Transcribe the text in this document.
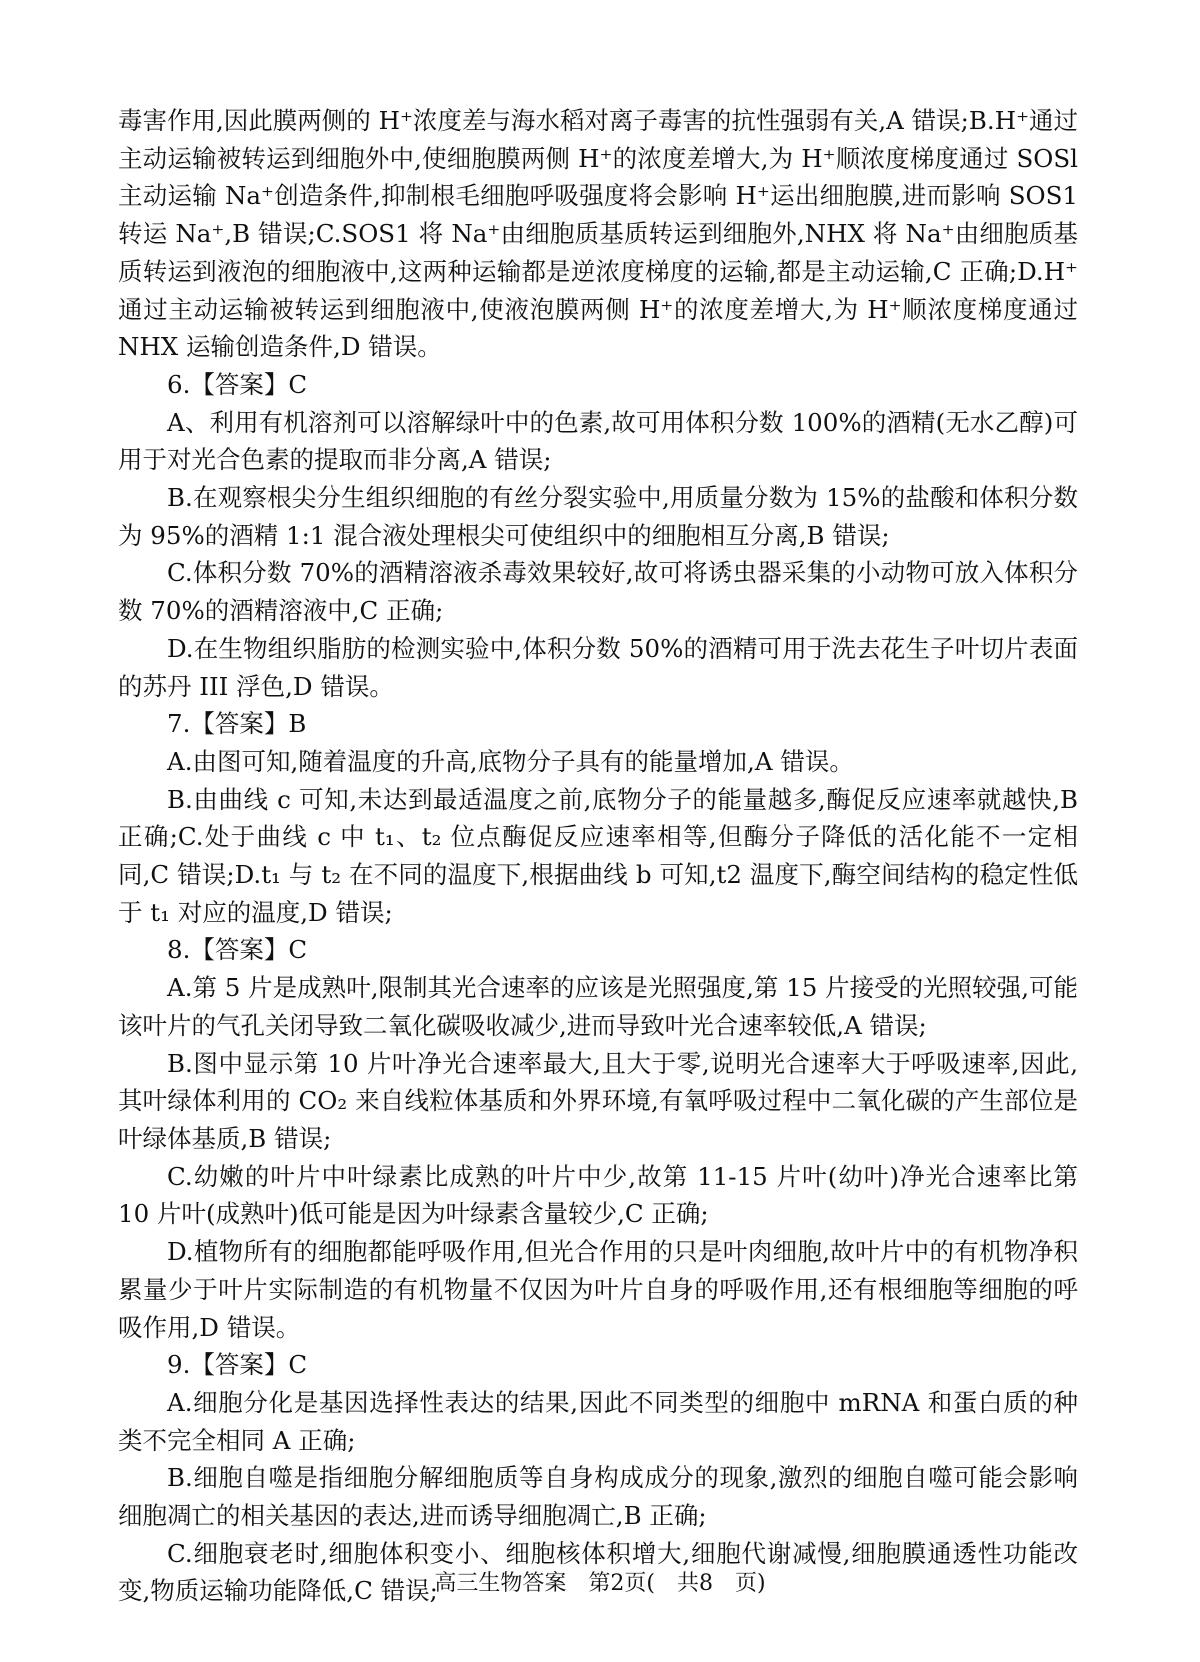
毒害作用,因此膜两侧的 H⁺浓度差与海水稻对离子毒害的抗性强弱有关,A 错误;B.H⁺通过主动运输被转运到细胞外中,使细胞膜两侧 H⁺的浓度差增大,为 H⁺顺浓度梯度通过 SOSl 主动运输 Na⁺创造条件,抑制根毛细胞呼吸强度将会影响 H⁺运出细胞膜,进而影响 SOS1 转运 Na⁺,B 错误;C.SOS1 将 Na⁺由细胞质基质转运到细胞外,NHX 将 Na⁺由细胞质基质转运到液泡的细胞液中,这两种运输都是逆浓度梯度的运输,都是主动运输,C 正确;D.H⁺通过主动运输被转运到细胞液中,使液泡膜两侧 H⁺的浓度差增大,为 H⁺顺浓度梯度通过 NHX 运输创造条件,D 错误。

6.【答案】C

A、利用有机溶剂可以溶解绿叶中的色素,故可用体积分数 100%的酒精(无水乙醇)可用于对光合色素的提取而非分离,A 错误;

B.在观察根尖分生组织细胞的有丝分裂实验中,用质量分数为 15%的盐酸和体积分数为 95%的酒精 1:1 混合液处理根尖可使组织中的细胞相互分离,B 错误;

C.体积分数 70%的酒精溶液杀毒效果较好,故可将诱虫器采集的小动物可放入体积分数 70%的酒精溶液中,C 正确;

D.在生物组织脂肪的检测实验中,体积分数 50%的酒精可用于洗去花生子叶切片表面的苏丹 III 浮色,D 错误。

7.【答案】B

A.由图可知,随着温度的升高,底物分子具有的能量增加,A 错误。

B.由曲线 c 可知,未达到最适温度之前,底物分子的能量越多,酶促反应速率就越快,B 正确;C.处于曲线 c 中 t₁、t₂ 位点酶促反应速率相等,但酶分子降低的活化能不一定相同,C 错误;D.t₁ 与 t₂ 在不同的温度下,根据曲线 b 可知,t2 温度下,酶空间结构的稳定性低于 t₁ 对应的温度,D 错误;

8.【答案】C

A.第 5 片是成熟叶,限制其光合速率的应该是光照强度,第 15 片接受的光照较强,可能该叶片的气孔关闭导致二氧化碳吸收减少,进而导致叶光合速率较低,A 错误;

B.图中显示第 10 片叶净光合速率最大,且大于零,说明光合速率大于呼吸速率,因此,其叶绿体利用的 CO₂ 来自线粒体基质和外界环境,有氧呼吸过程中二氧化碳的产生部位是叶绿体基质,B 错误;

C.幼嫩的叶片中叶绿素比成熟的叶片中少,故第 11-15 片叶(幼叶)净光合速率比第 10 片叶(成熟叶)低可能是因为叶绿素含量较少,C 正确;

D.植物所有的细胞都能呼吸作用,但光合作用的只是叶肉细胞,故叶片中的有机物净积累量少于叶片实际制造的有机物量不仅因为叶片自身的呼吸作用,还有根细胞等细胞的呼吸作用,D 错误。

9.【答案】C

A.细胞分化是基因选择性表达的结果,因此不同类型的细胞中 mRNA 和蛋白质的种类不完全相同 A 正确;

B.细胞自噬是指细胞分解细胞质等自身构成成分的现象,激烈的细胞自噬可能会影响细胞凋亡的相关基因的表达,进而诱导细胞凋亡,B 正确;

C.细胞衰老时,细胞体积变小、细胞核体积增大,细胞代谢减慢,细胞膜通透性功能改变,物质运输功能降低,C 错误;

高三生物答案　第2页(　共8　页)
